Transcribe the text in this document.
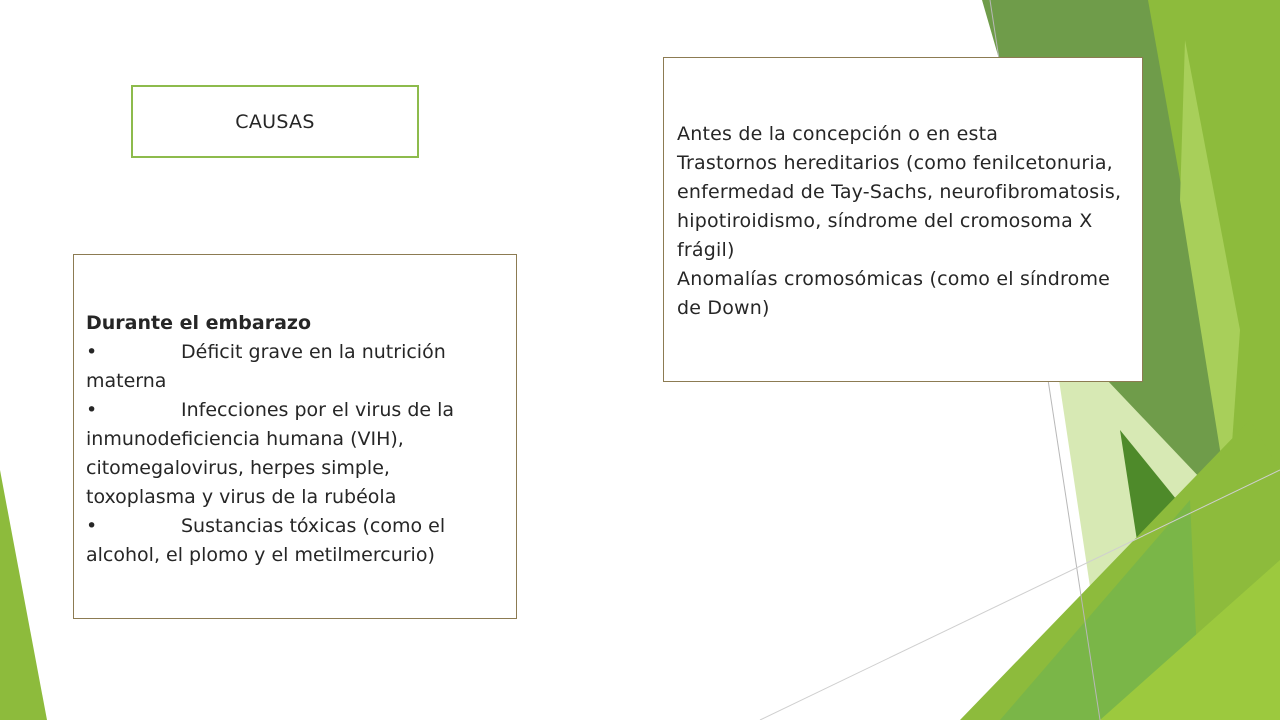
CAUSAS
Durante el embarazo
•	Déficit grave en la nutrición materna
•	Infecciones por el virus de la inmunodeficiencia humana (VIH), citomegalovirus, herpes simple, toxoplasma y virus de la rubéola
•	Sustancias tóxicas (como el alcohol, el plomo y el metilmercurio)
Antes de la concepción o en esta
Trastornos hereditarios (como fenilcetonuria, enfermedad de Tay-Sachs, neurofibromatosis, hipotiroidismo, síndrome del cromosoma X frágil)
Anomalías cromosómicas (como el síndrome de Down)
